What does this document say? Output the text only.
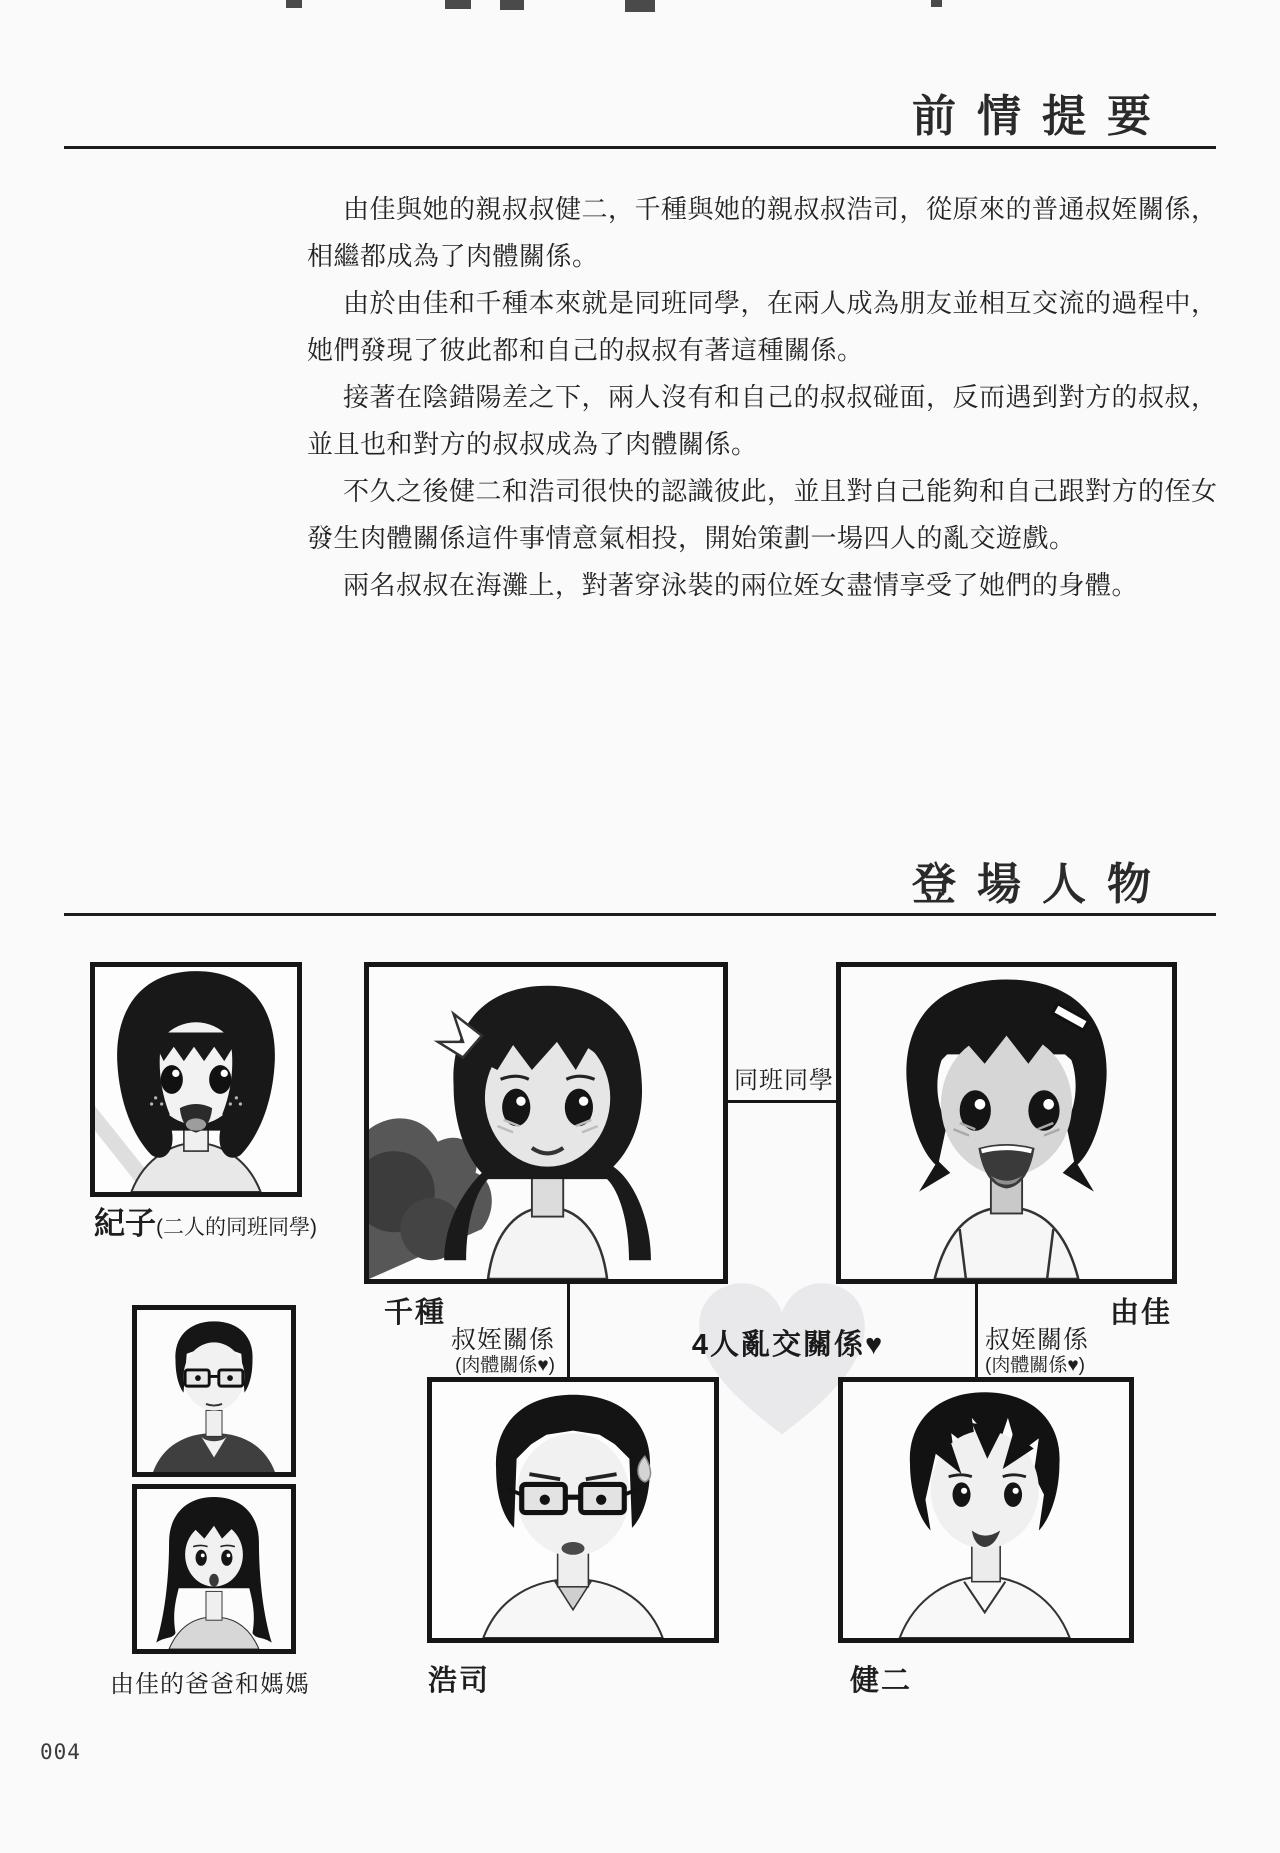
前情提要

由佳與她的親叔叔健二，千種與她的親叔叔浩司，從原來的普通叔姪關係，

相繼都成為了肉體關係。

由於由佳和千種本來就是同班同學，在兩人成為朋友並相互交流的過程中，

她們發現了彼此都和自己的叔叔有著這種關係。

接著在陰錯陽差之下，兩人沒有和自己的叔叔碰面，反而遇到對方的叔叔，

並且也和對方的叔叔成為了肉體關係。

不久之後健二和浩司很快的認識彼此，並且對自己能夠和自己跟對方的侄女

發生肉體關係這件事情意氣相投，開始策劃一場四人的亂交遊戲。

兩名叔叔在海灘上，對著穿泳裝的兩位姪女盡情享受了她們的身體。

登場人物
4人亂交關係♥
紀子(二人的同班同學)
千種	由佳
同班同學
叔姪關係
(肉體關係♥)
叔姪關係
(肉體關係♥)
浩司	健二
由佳的爸爸和媽媽
004
